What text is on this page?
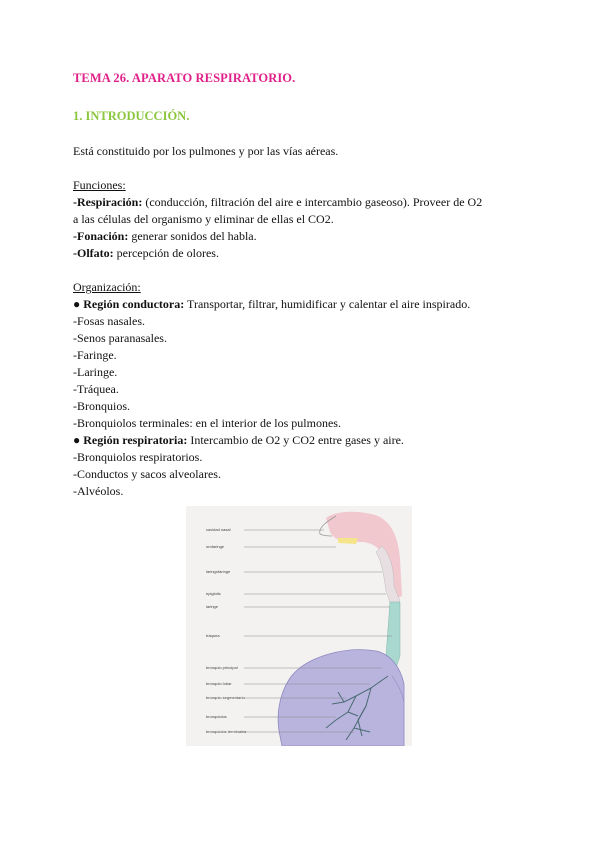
TEMA 26. APARATO RESPIRATORIO.
1. INTRODUCCIÓN.
Está constituido por los pulmones y por las vías aéreas.
Funciones:
-Respiración: (conducción, filtración del aire e intercambio gaseoso). Proveer de O2
a las células del organismo y eliminar de ellas el CO2.
-Fonación: generar sonidos del habla.
-Olfato: percepción de olores.
Organización:
● Región conductora: Transportar, filtrar, humidificar y calentar el aire inspirado.
-Fosas nasales.
-Senos paranasales.
-Faringe.
-Laringe.
-Tráquea.
-Bronquios.
-Bronquiolos terminales: en el interior de los pulmones.
● Región respiratoria: Intercambio de O2 y CO2 entre gases y aire.
-Bronquiolos respiratorios.
-Conductos y sacos alveolares.
-Alvéolos.
cavidad nasal
orofaringe
laringofaringe
epiglotis
laringe
tráquea
bronquio principal
bronquio lobar
bronquio segmentario
bronquiolos
bronquiolos terminales
